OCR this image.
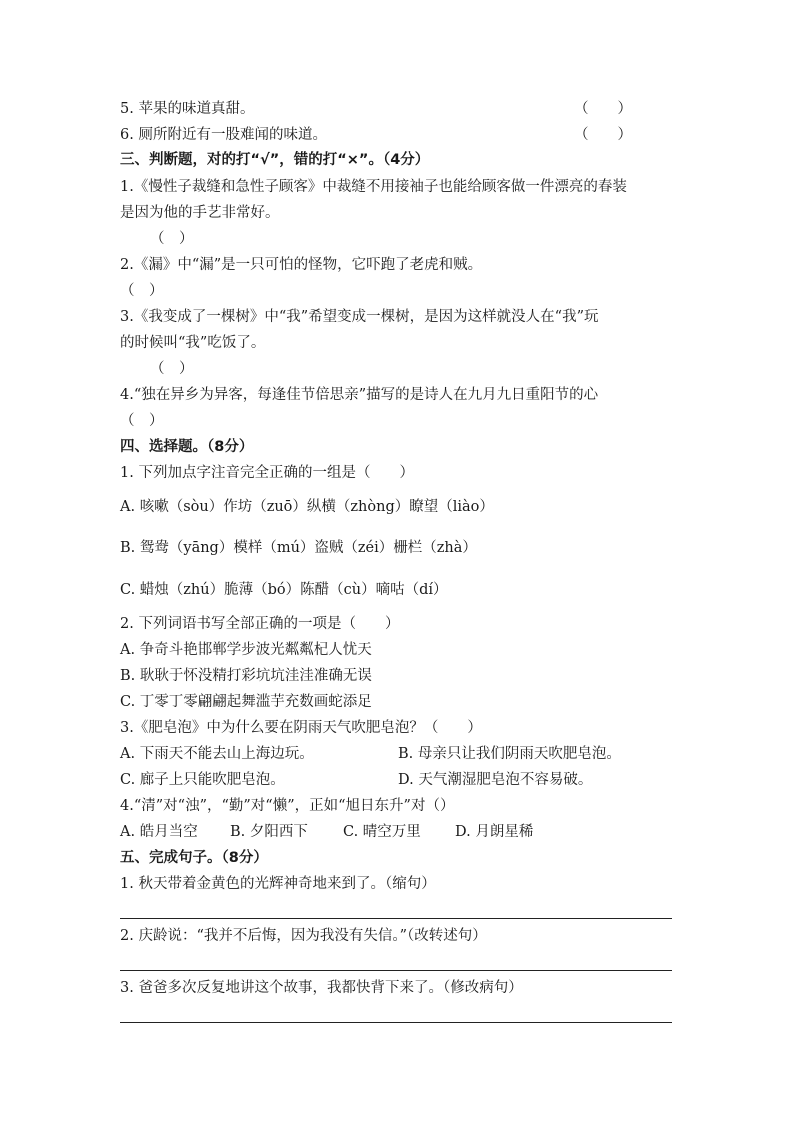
5. 苹果的味道真甜。	（　　）
6. 厕所附近有一股难闻的味道。	（　　）
三、判断题，对的打“√”，错的打“×”。（4分）
1.《慢性子裁缝和急性子顾客》中裁缝不用接袖子也能给顾客做一件漂亮的春装
是因为他的手艺非常好。
（　）
2.《漏》中“漏”是一只可怕的怪物，它吓跑了老虎和贼。
（　）
3.《我变成了一棵树》中“我”希望变成一棵树，是因为这样就没人在“我”玩
的时候叫“我”吃饭了。
（　）
4.“独在异乡为异客，每逢佳节倍思亲”描写的是诗人在九月九日重阳节的心
（　）
四、选择题。（8分）
1. 下列加点字注音完全正确的一组是（　　）
A. 咳嗽（sòu）作坊（zuō）纵横（zhòng）瞭望（liào）
B. 鸳鸯（yāng）模样（mú）盗贼（zéi）栅栏（zhà）
C. 蜡烛（zhú）脆薄（bó）陈醋（cù）嘀咕（dí）
2. 下列词语书写全部正确的一项是（　　）
A. 争奇斗艳邯郸学步波光粼粼杞人忧天
B. 耿耿于怀没精打彩坑坑洼洼准确无误
C. 丁零丁零翩翩起舞滥芋充数画蛇添足
3.《肥皂泡》中为什么要在阴雨天气吹肥皂泡？（　　）
A. 下雨天不能去山上海边玩。	B. 母亲只让我们阴雨天吹肥皂泡。
C. 廊子上只能吹肥皂泡。	D. 天气潮湿肥皂泡不容易破。
4.“清”对“浊”，“勤”对“懒”，正如“旭日东升”对（）
A. 皓月当空 B. 夕阳西下 C. 晴空万里 D. 月朗星稀
五、完成句子。（8分）
1. 秋天带着金黄色的光辉神奇地来到了。（缩句）
2. 庆龄说：“我并不后悔，因为我没有失信。”（改转述句）
3. 爸爸多次反复地讲这个故事，我都快背下来了。（修改病句）
